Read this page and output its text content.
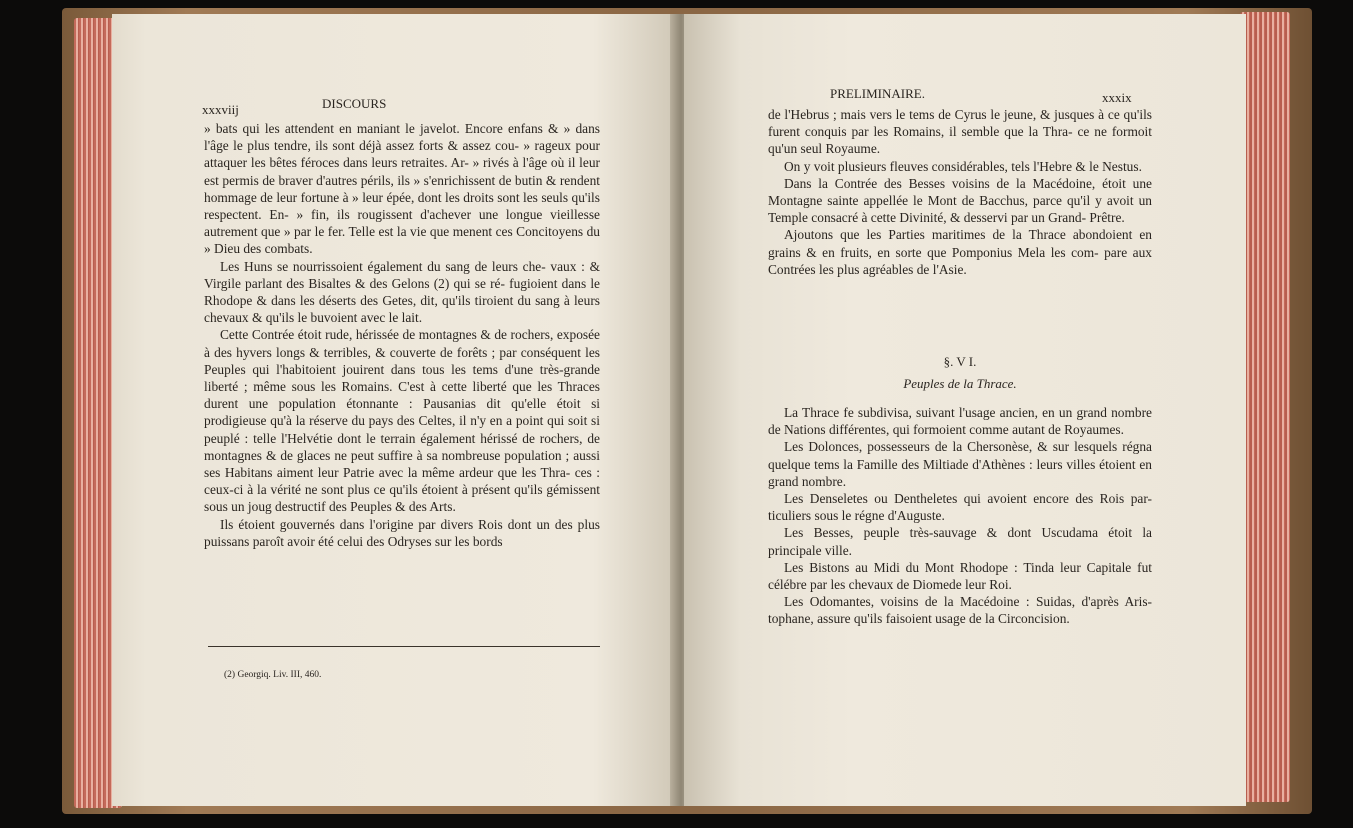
xxxviij	DISCOURS

» bats qui les attendent en maniant le javelot. Encore enfans & » dans l'âge le plus tendre, ils sont déjà assez forts & assez cou- » rageux pour attaquer les bêtes féroces dans leurs retraites. Ar- » rivés à l'âge où il leur est permis de braver d'autres périls, ils » s'enrichissent de butin & rendent hommage de leur fortune à » leur épée, dont les droits sont les seuls qu'ils respectent. En- » fin, ils rougissent d'achever une longue vieillesse autrement que » par le fer. Telle est la vie que menent ces Concitoyens du » Dieu des combats.

Les Huns se nourrissoient également du sang de leurs che- vaux : & Virgile parlant des Bisaltes & des Gelons (2) qui se ré- fugioient dans le Rhodope & dans les déserts des Getes, dit, qu'ils tiroient du sang à leurs chevaux & qu'ils le buvoient avec le lait.

Cette Contrée étoit rude, hérissée de montagnes & de rochers, exposée à des hyvers longs & terribles, & couverte de forêts ; par conséquent les Peuples qui l'habitoient jouirent dans tous les tems d'une très-grande liberté ; même sous les Romains. C'est à cette liberté que les Thraces durent une population étonnante : Pausanias dit qu'elle étoit si prodigieuse qu'à la réserve du pays des Celtes, il n'y en a point qui soit si peuplé : telle l'Helvétie dont le terrain également hérissé de rochers, de montagnes & de glaces ne peut suffire à sa nombreuse population ; aussi ses Habitans aiment leur Patrie avec la même ardeur que les Thra- ces : ceux-ci à la vérité ne sont plus ce qu'ils étoient à présent qu'ils gémissent sous un joug destructif des Peuples & des Arts.

Ils étoient gouvernés dans l'origine par divers Rois dont un des plus puissans paroît avoir été celui des Odryses sur les bords

(2) Georgiq. Liv. III, 460.
PRELIMINAIRE.	xxxix

de l'Hebrus ; mais vers le tems de Cyrus le jeune, & jusques à ce qu'ils furent conquis par les Romains, il semble que la Thra- ce ne formoit qu'un seul Royaume.

On y voit plusieurs fleuves considérables, tels l'Hebre & le Nestus.

Dans la Contrée des Besses voisins de la Macédoine, étoit une Montagne sainte appellée le Mont de Bacchus, parce qu'il y avoit un Temple consacré à cette Divinité, & desservi par un Grand- Prêtre.

Ajoutons que les Parties maritimes de la Thrace abondoient en grains & en fruits, en sorte que Pomponius Mela les com- pare aux Contrées les plus agréables de l'Asie.

§. V I.
Peuples de la Thrace.

La Thrace fe subdivisa, suivant l'usage ancien, en un grand nombre de Nations différentes, qui formoient comme autant de Royaumes.

Les Dolonces, possesseurs de la Chersonèse, & sur lesquels régna quelque tems la Famille des Miltiade d'Athènes : leurs villes étoient en grand nombre.

Les Denseletes ou Dentheletes qui avoient encore des Rois par- ticuliers sous le régne d'Auguste.

Les Besses, peuple très-sauvage & dont Uscudama étoit la principale ville.

Les Bistons au Midi du Mont Rhodope : Tinda leur Capitale fut célébre par les chevaux de Diomede leur Roi.

Les Odomantes, voisins de la Macédoine : Suidas, d'après Aris- tophane, assure qu'ils faisoient usage de la Circoncision.
